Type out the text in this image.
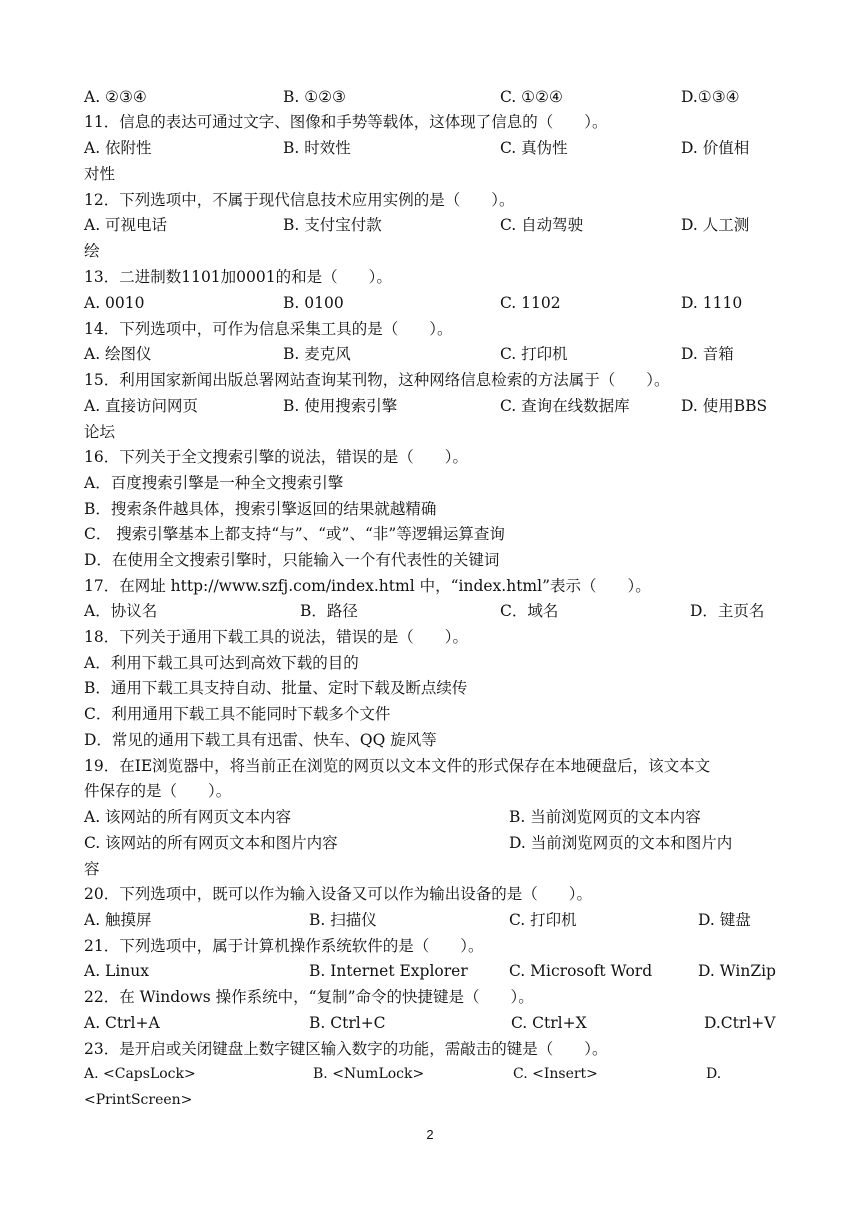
A. ②③④	B. ①②③	C. ①②④	D.①③④
11．信息的表达可通过文字、图像和手势等载体，这体现了信息的（　　）。
A. 依附性	B. 时效性	C. 真伪性	D. 价值相
对性
12．下列选项中，不属于现代信息技术应用实例的是（　　）。
A. 可视电话	B. 支付宝付款	C. 自动驾驶	D. 人工测
绘
13．二进制数1101加0001的和是（　　）。
A. 0010	B. 0100	C. 1102	D. 1110
14．下列选项中，可作为信息采集工具的是（　　）。
A. 绘图仪	B. 麦克风	C. 打印机	D. 音箱
15．利用国家新闻出版总署网站查询某刊物，这种网络信息检索的方法属于（　　）。
A. 直接访问网页	B. 使用搜索引擎	C. 查询在线数据库	D. 使用BBS
论坛
16．下列关于全文搜索引擎的说法，错误的是（　　）。
A．百度搜索引擎是一种全文搜索引擎
B．搜索条件越具体，搜索引擎返回的结果就越精确
C． 搜索引擎基本上都支持“与”、“或”、“非”等逻辑运算查询
D．在使用全文搜索引擎时，只能输入一个有代表性的关键词
17．在网址 http://www.szfj.com/index.html 中，“index.html”表示（　　）。
A．协议名	B．路径	C．域名	D．主页名
18．下列关于通用下载工具的说法，错误的是（　　）。
A．利用下载工具可达到高效下载的目的
B．通用下载工具支持自动、批量、定时下载及断点续传
C．利用通用下载工具不能同时下载多个文件
D．常见的通用下载工具有迅雷、快车、QQ 旋风等
19．在IE浏览器中，将当前正在浏览的网页以文本文件的形式保存在本地硬盘后，该文本文
件保存的是（　　）。
A. 该网站的所有网页文本内容	B. 当前浏览网页的文本内容
C. 该网站的所有网页文本和图片内容	D. 当前浏览网页的文本和图片内
容
20．下列选项中，既可以作为输入设备又可以作为输出设备的是（　　）。
A. 触摸屏	B. 扫描仪	C. 打印机	D. 键盘
21．下列选项中，属于计算机操作系统软件的是（　　）。
A. Linux	B. Internet Explorer	C. Microsoft Word	D. WinZip
22．在 Windows 操作系统中，“复制”命令的快捷键是（　　）。
A. Ctrl+A	B. Ctrl+C	C. Ctrl+X	D.Ctrl+V
23．是开启或关闭键盘上数字键区输入数字的功能，需敲击的键是（　　）。
A. <CapsLock>	B. <NumLock>	C. <Insert>	D.
<PrintScreen>
2
